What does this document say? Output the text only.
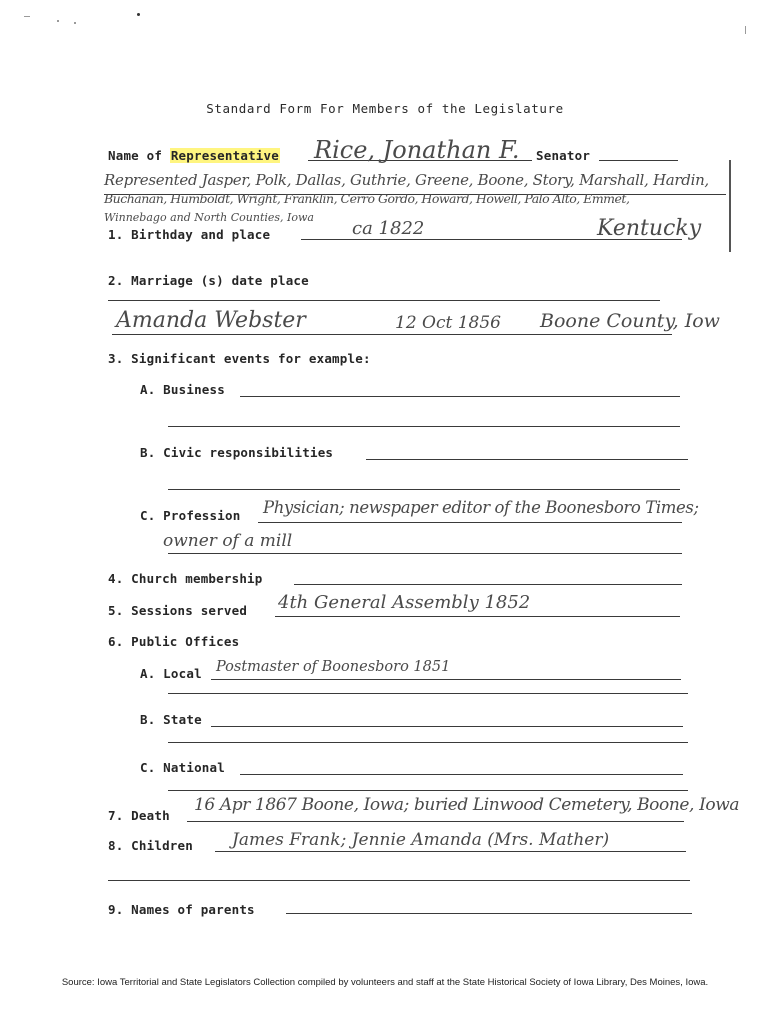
Standard Form For Members of the Legislature
Name of Representative Rice, Jonathan F. Senator
Represented Jasper, Polk, Dallas, Guthrie, Greene, Boone, Story, Marshall, Hardin,
Buchanan, Humboldt, Wright, Franklin, Cerro Gordo, Howard, Howell, Palo Alto, Emmet,
Winnebago and North Counties, Iowa
1. Birthday and place	ca 1822	Kentucky
2. Marriage (s) date place
Amanda Webster	12 Oct 1856 Boone County, Iow
3. Significant events for example:
A. Business
B. Civic responsibilities
C. Profession Physician; newspaper editor of the Boonesboro Times;
owner of a mill
4. Church membership
5. Sessions served 4th General Assembly 1852
6. Public Offices
A. Local Postmaster of Boonesboro 1851
B. State
C. National
7. Death
16 Apr 1867 Boone, Iowa; buried Linwood Cemetery, Boone, Iowa
8. Children James Frank; Jennie Amanda (Mrs. Mather)
9. Names of parents
Source: Iowa Territorial and State Legislators Collection compiled by volunteers and staff at the State Historical Society of Iowa Library, Des Moines, Iowa.
